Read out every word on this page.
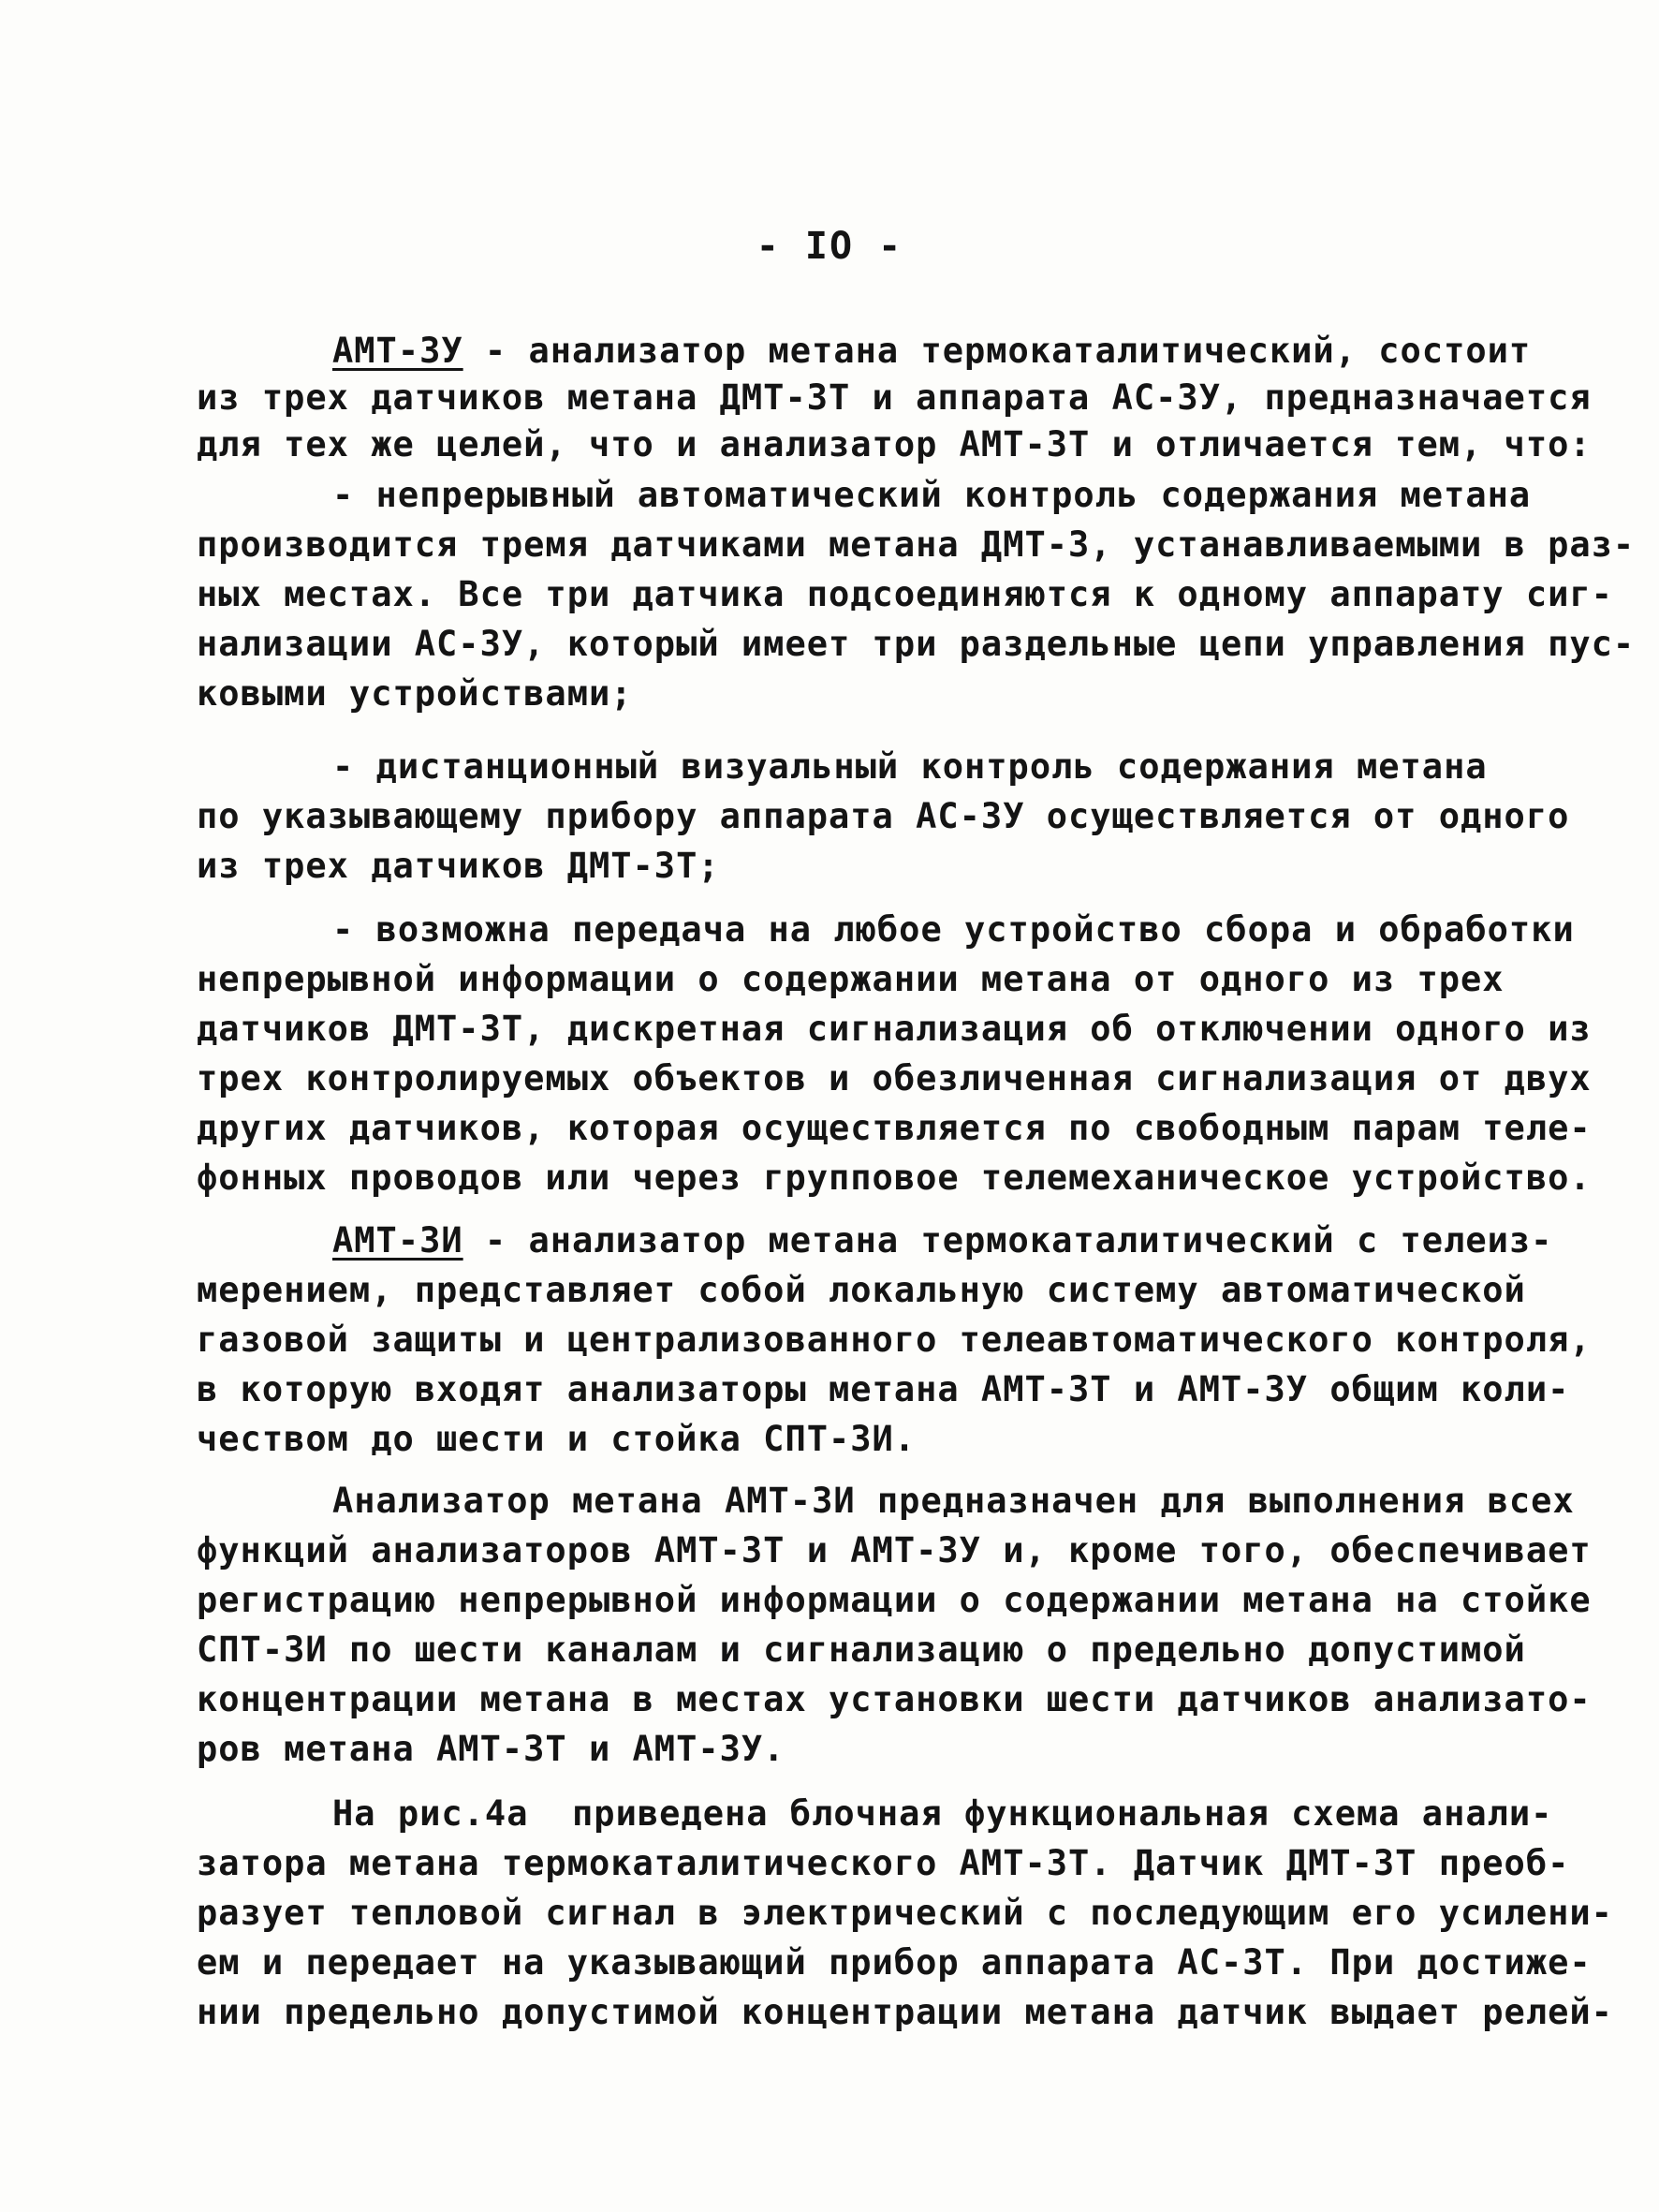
- IO -
АМТ-3У - анализатор метана термокаталитический, состоит
из трех датчиков метана ДМТ-3Т и аппарата АС-3У, предназначается
для тех же целей, что и анализатор АМТ-3Т и отличается тем, что:
- непрерывный автоматический контроль содержания метана
производится тремя датчиками метана ДМТ-3, устанавливаемыми в раз-
ных местах. Все три датчика подсоединяются к одному аппарату сиг-
нализации АС-3У, который имеет три раздельные цепи управления пус-
ковыми устройствами;
- дистанционный визуальный контроль содержания метана
по указывающему прибору аппарата АС-3У осуществляется от одного
из трех датчиков ДМТ-3Т;
- возможна передача на любое устройство сбора и обработки
непрерывной информации о содержании метана от одного из трех
датчиков ДМТ-3Т, дискретная сигнализация об отключении одного из
трех контролируемых объектов и обезличенная сигнализация от двух
других датчиков, которая осуществляется по свободным парам теле-
фонных проводов или через групповое телемеханическое устройство.
АМТ-3И - анализатор метана термокаталитический с телеиз-
мерением, представляет собой локальную систему автоматической
газовой защиты и централизованного телеавтоматического контроля,
в которую входят анализаторы метана АМТ-3Т и АМТ-3У общим коли-
чеством до шести и стойка СПТ-3И.
Анализатор метана АМТ-3И предназначен для выполнения всех
функций анализаторов АМТ-3Т и АМТ-3У и, кроме того, обеспечивает
регистрацию непрерывной информации о содержании метана на стойке
СПТ-3И по шести каналам и сигнализацию о предельно допустимой
концентрации метана в местах установки шести датчиков анализато-
ров метана АМТ-3Т и АМТ-3У.
На рис.4а  приведена блочная функциональная схема анали-
затора метана термокаталитического АМТ-3Т. Датчик ДМТ-3Т преоб-
разует тепловой сигнал в электрический с последующим его усилени-
ем и передает на указывающий прибор аппарата АС-3Т. При достиже-
нии предельно допустимой концентрации метана датчик выдает релей-
